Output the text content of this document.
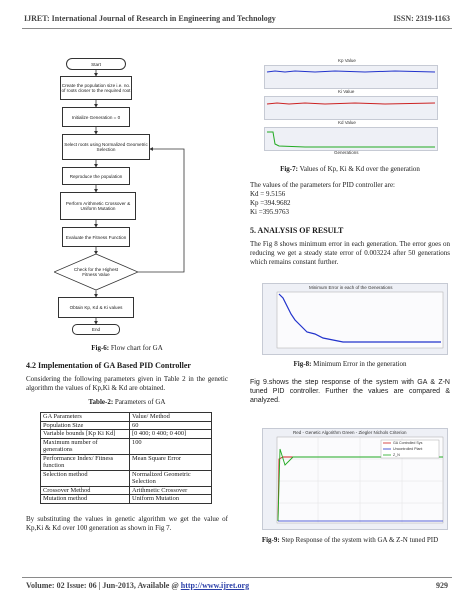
IJRET: International Journal of Research in Engineering and Technology	ISSN: 2319-1163
Start
Create the population size i.e. no. of roots closer to the required root
Initialize Generation = 0
Select roots using Normalized Geometric Selection
Reproduce the population
Perform Arithmetic Crossover & Uniform Mutation
Evaluate the Fitness Function
Check for the Highest Fitness Value
Obtain Kp, Kd & Ki values
End
Fig-6: Flow chart for GA
4.2 Implementation of GA Based PID Controller
Considering the following parameters given in Table 2 in the genetic algorithm the values of Kp,Ki & Kd are obtained.
Table-2: Parameters of GA
GA Parameters	Value/ Method
Population Size	60
Variable bounds [Kp Ki Kd]	[0 400; 0 400; 0 400]
Maximum number of generations	100
Performance Index/ Fitness function	Mean Square Error
Selection method	Normalized Geometric Selection
Crossover Method	Arithmetic Crossover
Mutation method	Uniform Mutation
By substituting the values in genetic algorithm we get the value of Kp,Ki & Kd over 100 generation as shown in Fig 7.
Kp Value
Ki Value
Kd Value
Generations
Fig-7: Values of Kp, Ki & Kd over the generation
The values of the parameters for PID controller are:
Kd = 9.5156
Kp =394.9682
Ki =395.9763
5. ANALYSIS OF RESULT
The Fig 8 shows minimum error in each generation. The error goes on reducing we get a steady state error of 0.003224 after 50 generations which remains constant further.
Minimum Error in each of the Generations
Fig-8: Minimum Error in the generation
Fig 9.shows the step response of the system with GA & Z-N tuned PID controller. Further the values are compared & analyzed.
Red - Genetic Algorithm Green - Ziegler Nichols Criterion
GA Controlled Sys
Uncontrolled Plant
Z_N
Fig-9: Step Response of the system with GA & Z-N tuned PID
Volume: 02 Issue: 06 | Jun-2013, Available @ http://www.ijret.org	929
